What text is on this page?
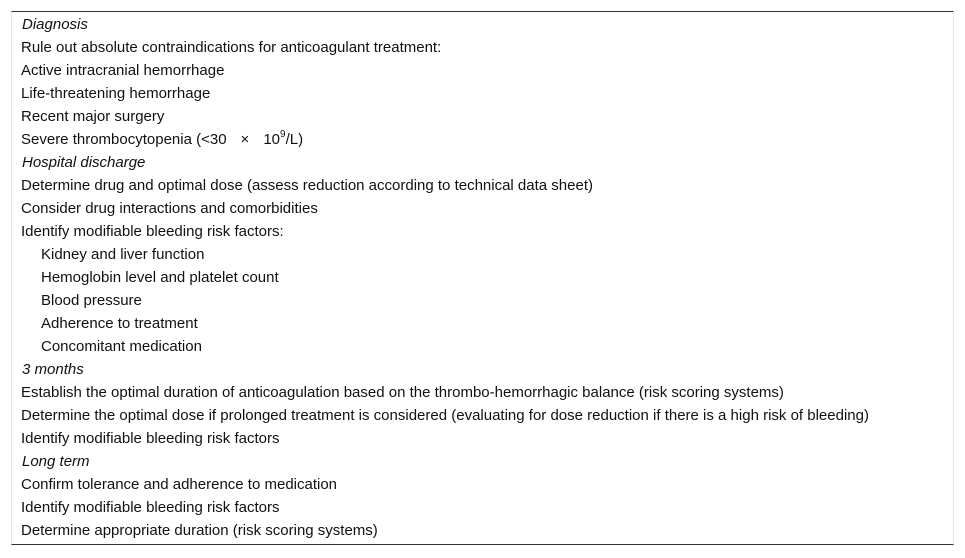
Diagnosis
Rule out absolute contraindications for anticoagulant treatment:
Active intracranial hemorrhage
Life-threatening hemorrhage
Recent major surgery
Severe thrombocytopenia $(<30 \times 10^9/L)$
Hospital discharge
Determine drug and optimal dose (assess reduction according to technical data sheet)
Consider drug interactions and comorbidities
Identify modifiable bleeding risk factors:
Kidney and liver function
Hemoglobin level and platelet count
Blood pressure
Adherence to treatment
Concomitant medication
3 months
Establish the optimal duration of anticoagulation based on the thrombo-hemorrhagic balance (risk scoring systems)
Determine the optimal dose if prolonged treatment is considered (evaluating for dose reduction if there is a high risk of bleeding)
Identify modifiable bleeding risk factors
Long term
Confirm tolerance and adherence to medication
Identify modifiable bleeding risk factors
Determine appropriate duration (risk scoring systems)
